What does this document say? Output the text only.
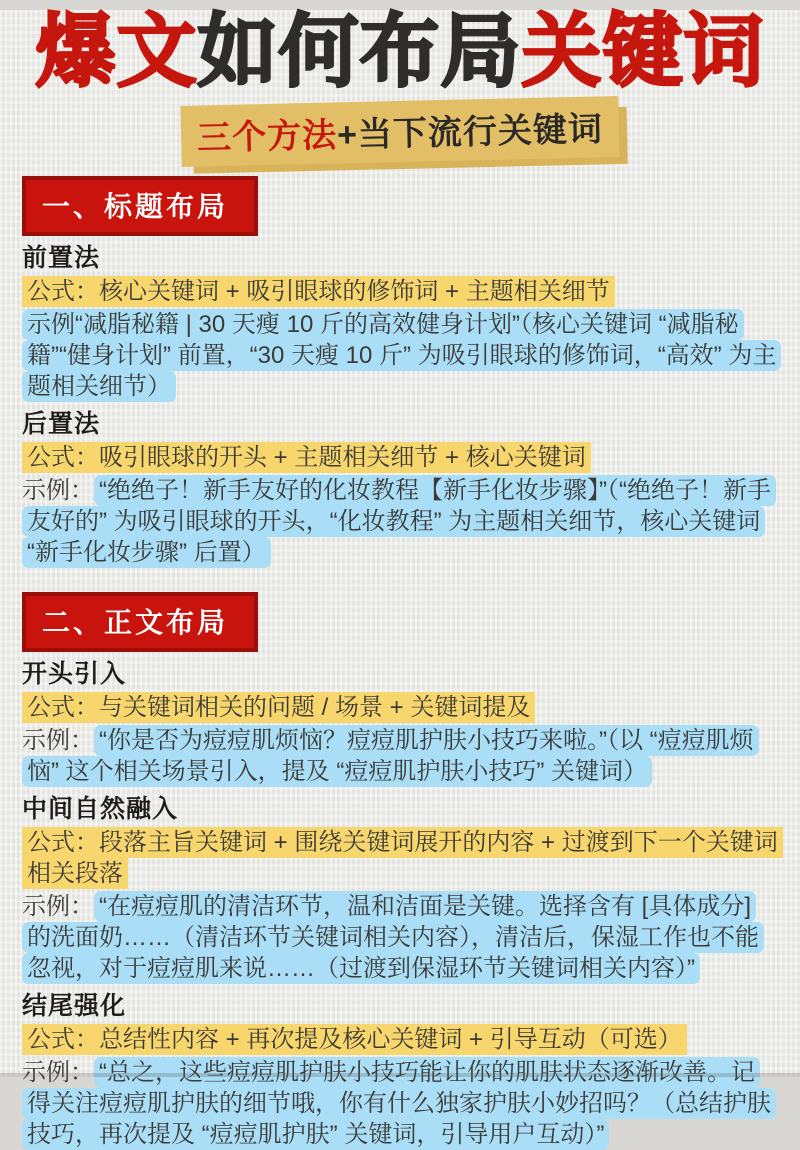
爆文如何布局关键词
三个方法+当下流行关键词
一、标题布局
前置法

公式：核心关键词 + 吸引眼球的修饰词 + 主题相关细节

示例“减脂秘籍 | 30 天瘦 10 斤的高效健身计划”（核心关键词 “减脂秘籍”“健身计划” 前置，“30 天瘦 10 斤” 为吸引眼球的修饰词，“高效” 为主题相关细节）

后置法

公式：吸引眼球的开头 + 主题相关细节 + 核心关键词

示例： “绝绝子！新手友好的化妆教程【新手化妆步骤】”（“绝绝子！新手友好的” 为吸引眼球的开头，“化妆教程” 为主题相关细节，核心关键词 “新手化妆步骤” 后置）

二、正文布局
开头引入

公式：与关键词相关的问题 / 场景 + 关键词提及

示例： “你是否为痘痘肌烦恼？痘痘肌护肤小技巧来啦。”（以 “痘痘肌烦恼” 这个相关场景引入，提及 “痘痘肌护肤小技巧” 关键词）

中间自然融入

公式：段落主旨关键词 + 围绕关键词展开的内容 + 过渡到下一个关键词相关段落

示例： “在痘痘肌的清洁环节，温和洁面是关键。选择含有 [具体成分] 的洗面奶……（清洁环节关键词相关内容），清洁后，保湿工作也不能忽视，对于痘痘肌来说……（过渡到保湿环节关键词相关内容）”

结尾强化

公式：总结性内容 + 再次提及核心关键词 + 引导互动（可选）

示例： “总之，这些痘痘肌护肤小技巧能让你的肌肤状态逐渐改善。记得关注痘痘肌护肤的细节哦，你有什么独家护肤小妙招吗？（总结护肤技巧，再次提及 “痘痘肌护肤” 关键词，引导用户互动）”
